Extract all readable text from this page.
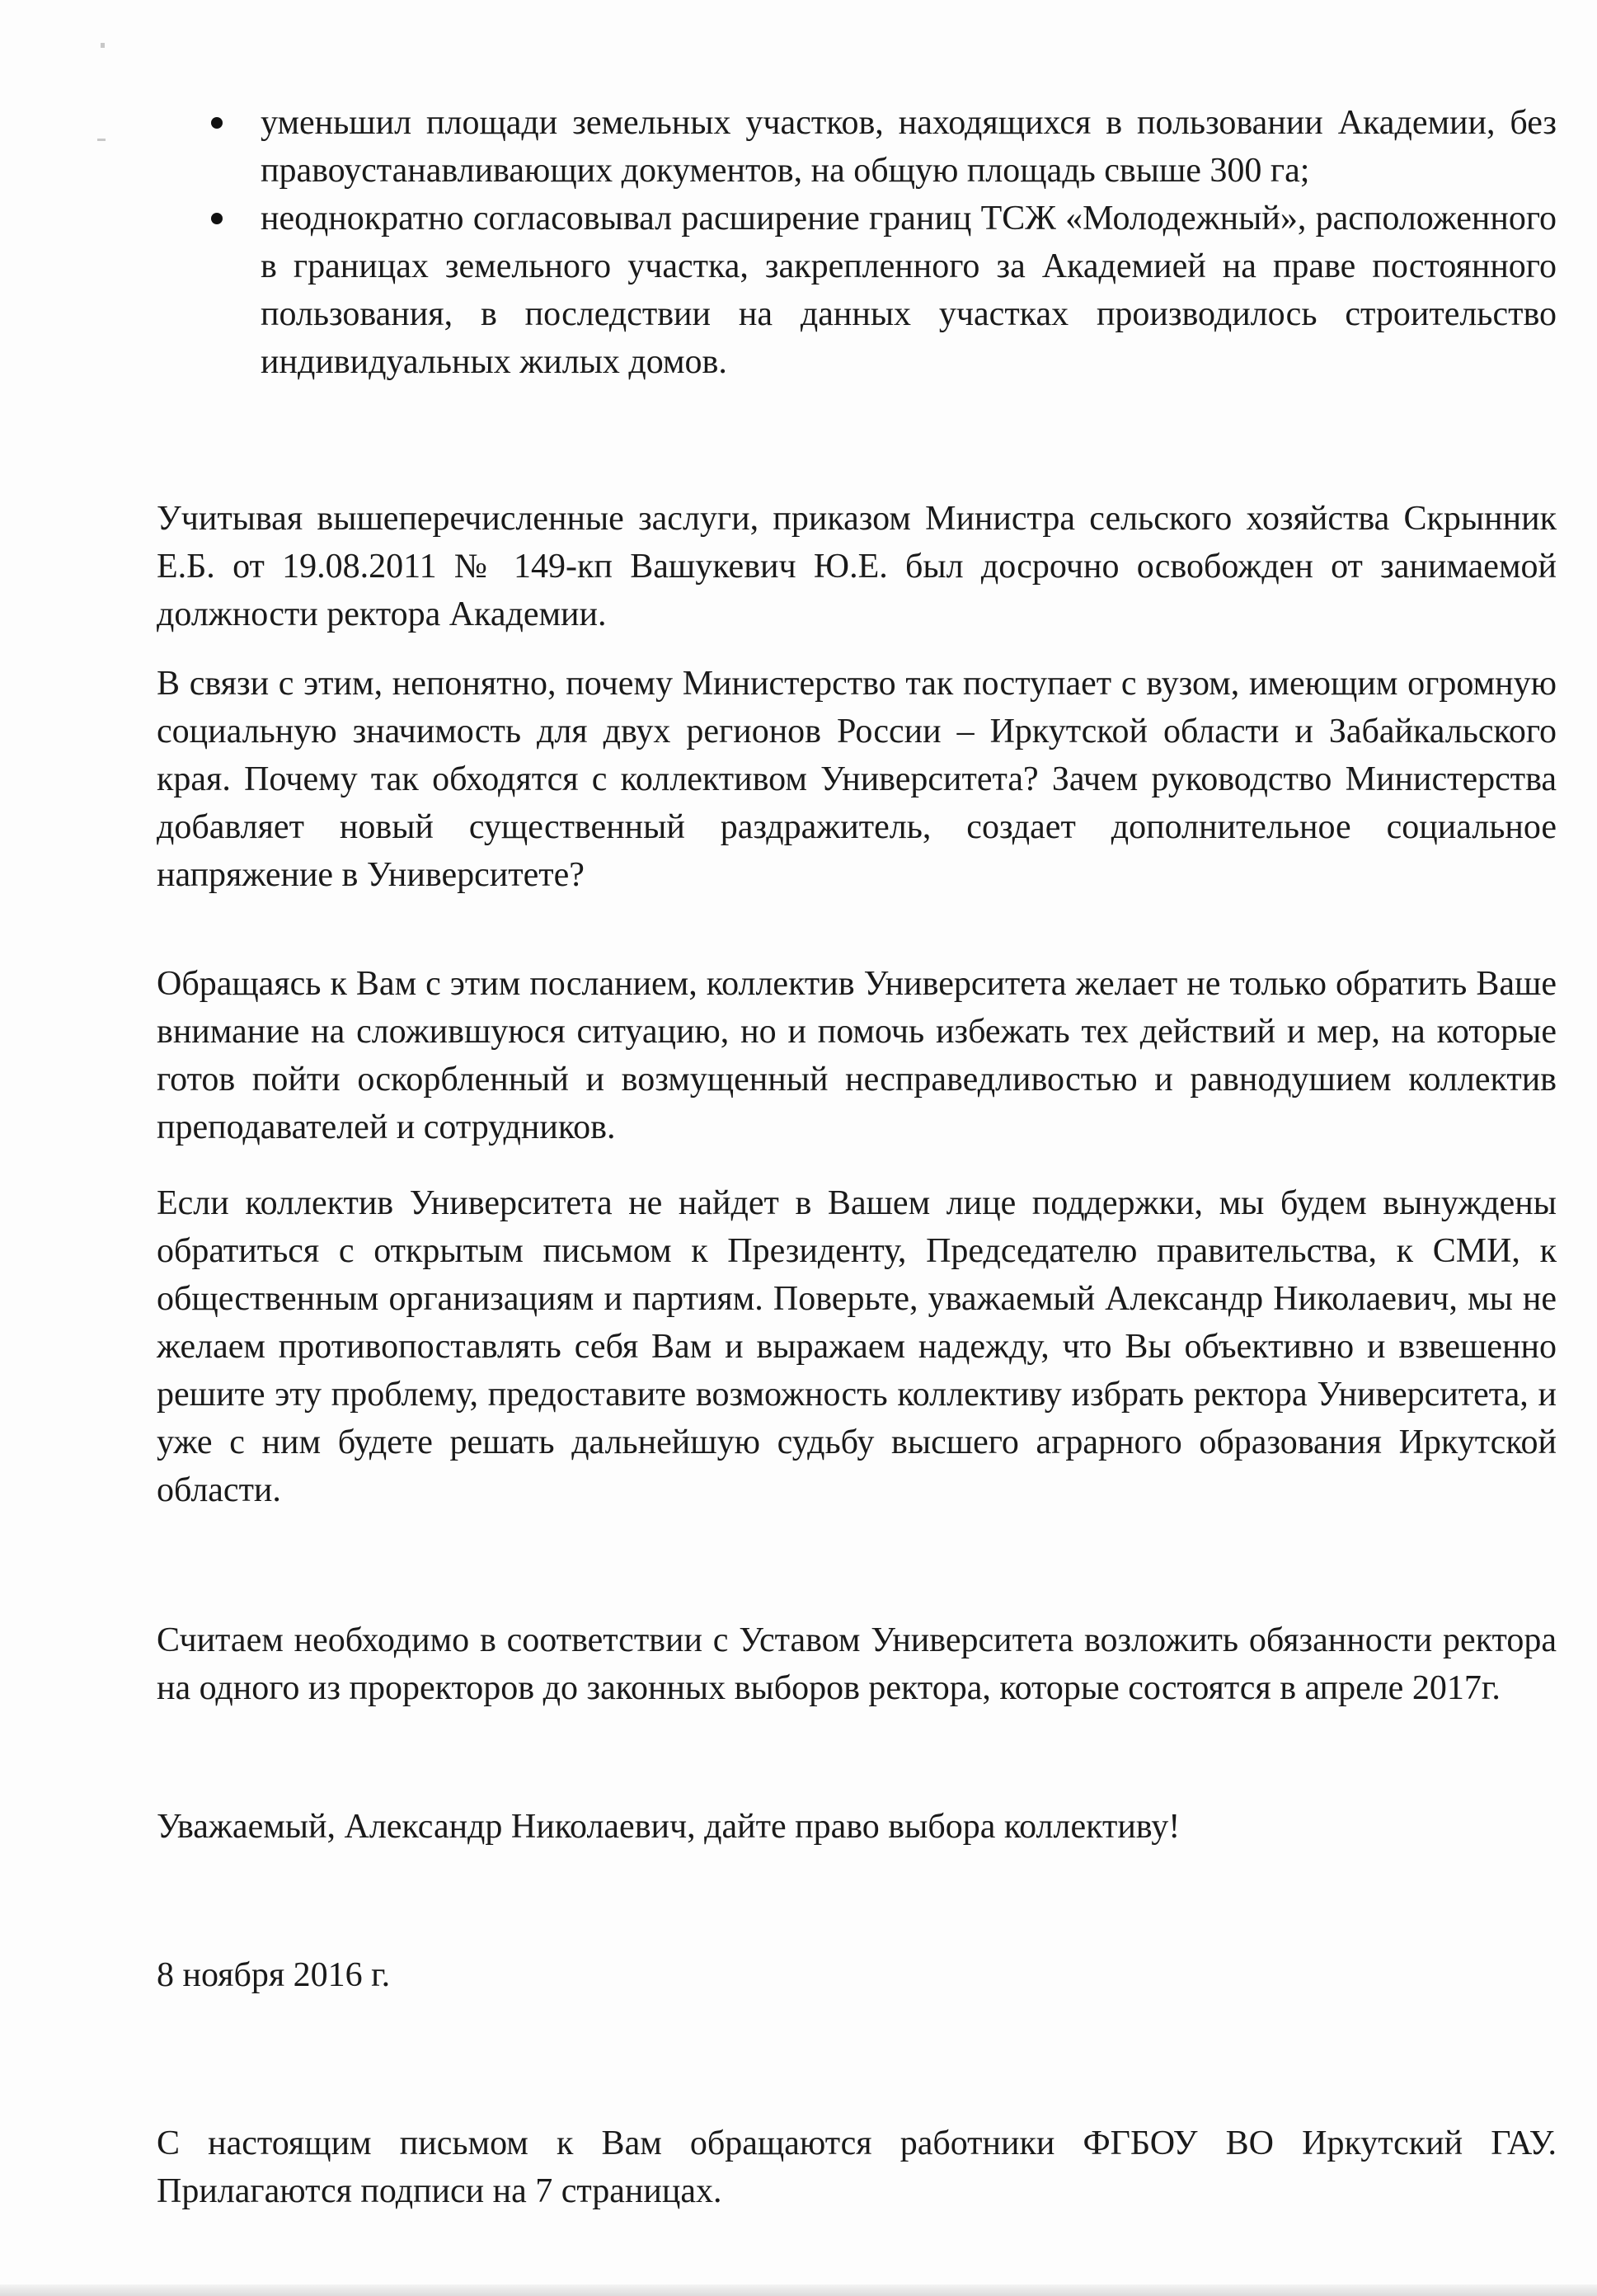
уменьшил площади земельных участков, находящихся в пользовании Академии, без правоустанавливающих документов, на общую площадь свыше 300 га;
неоднократно согласовывал расширение границ ТСЖ «Молодежный», расположенного в границах земельного участка, закрепленного за Академией на праве постоянного пользования, в последствии на данных участках производилось строительство индивидуальных жилых домов.

Учитывая вышеперечисленные заслуги, приказом Министра сельского хозяйства Скрынник Е.Б. от 19.08.2011 № 149-кп Вашукевич Ю.Е. был досрочно освобожден от занимаемой должности ректора Академии.

В связи с этим, непонятно, почему Министерство так поступает с вузом, имеющим огромную социальную значимость для двух регионов России – Иркутской области и Забайкальского края. Почему так обходятся с коллективом Университета? Зачем руководство Министерства добавляет новый существенный раздражитель, создает дополнительное социальное напряжение в Университете?

Обращаясь к Вам с этим посланием, коллектив Университета желает не только обратить Ваше внимание на сложившуюся ситуацию, но и помочь избежать тех действий и мер, на которые готов пойти оскорбленный и возмущенный несправедливостью и равнодушием коллектив преподавателей и сотрудников.

Если коллектив Университета не найдет в Вашем лице поддержки, мы будем вынуждены обратиться с открытым письмом к Президенту, Председателю правительства, к СМИ, к общественным организациям и партиям. Поверьте, уважаемый Александр Николаевич, мы не желаем противопоставлять себя Вам и выражаем надежду, что Вы объективно и взвешенно решите эту проблему, предоставите возможность коллективу избрать ректора Университета, и уже с ним будете решать дальнейшую судьбу высшего аграрного образования Иркутской области.

Считаем необходимо в соответствии с Уставом Университета возложить обязанности ректора на одного из проректоров до законных выборов ректора, которые состоятся в апреле 2017г.

Уважаемый, Александр Николаевич, дайте право выбора коллективу!

8 ноября 2016 г.

С настоящим письмом к Вам обращаются работники ФГБОУ ВО Иркутский ГАУ. Прилагаются подписи на 7 страницах.
